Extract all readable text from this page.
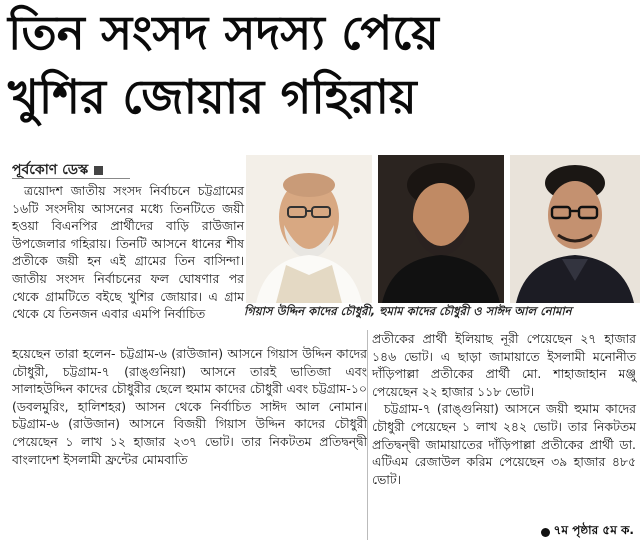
তিন সংসদ সদস্য পেয়ে
খুশির জোয়ার গহিরায়
পূর্বকোণ ডেস্ক
গিয়াস উদ্দিন কাদের চৌধুরী, হুমাম কাদের চৌধুরী ও সাঈদ আল নোমান

ত্রয়োদশ জাতীয় সংসদ নির্বাচনে চট্টগ্রামের ১৬টি সংসদীয় আসনের মধ্যে তিনটিতে জয়ী হওয়া বিএনপির প্রার্থীদের বাড়ি রাউজান উপজেলার গহিরায়। তিনটি আসনে ধানের শীষ প্রতীকে জয়ী হন এই গ্রামের তিন বাসিন্দা। জাতীয় সংসদ নির্বাচনের ফল ঘোষণার পর থেকে গ্রামটিতে বইছে খুশির জোয়ার। এ গ্রাম থেকে যে তিনজন এবার এমপি নির্বাচিত

হয়েছেন তারা হলেন- চট্টগ্রাম-৬ (রাউজান) আসনে গিয়াস উদ্দিন কাদের চৌধুরী, চট্টগ্রাম-৭ (রাঙ্গুনিয়া) আসনে তারই ভাতিজা এবং সালাহউদ্দিন কাদের চৌধুরীর ছেলে হুমাম কাদের চৌধুরী এবং চট্টগ্রাম-১০ (ডবলমুরিং, হালিশহর) আসন থেকে নির্বাচিত সাঈদ আল নোমান। চট্টগ্রাম-৬ (রাউজান) আসনে বিজয়ী গিয়াস উদ্দিন কাদের চৌধুরী পেয়েছেন ১ লাখ ১২ হাজার ২৩৭ ভোট। তার নিকটতম প্রতিদ্বন্দ্বী বাংলাদেশ ইসলামী ফ্রন্টের মোমবাতি

প্রতীকের প্রার্থী ইলিয়াছ নূরী পেয়েছেন ২৭ হাজার ১৪৬ ভোট। এ ছাড়া জামায়াতে ইসলামী মনোনীত দাঁড়িপাল্লা প্রতীকের প্রার্থী মো. শাহাজাহান মঞ্জু পেয়েছেন ২২ হাজার ১১৮ ভোট।

চট্টগ্রাম-৭ (রাঙ্গুনিয়া) আসনে জয়ী হুমাম কাদের চৌধুরী পেয়েছেন ১ লাখ ২৪২ ভোট। তার নিকটতম প্রতিদ্বন্দ্বী জামায়াতের দাঁড়িপাল্লা প্রতীকের প্রার্থী ডা. এটিএম রেজাউল করিম পেয়েছেন ৩৯ হাজার ৪৮৫ ভোট।

৭ম পৃষ্ঠার ৫ম ক.
